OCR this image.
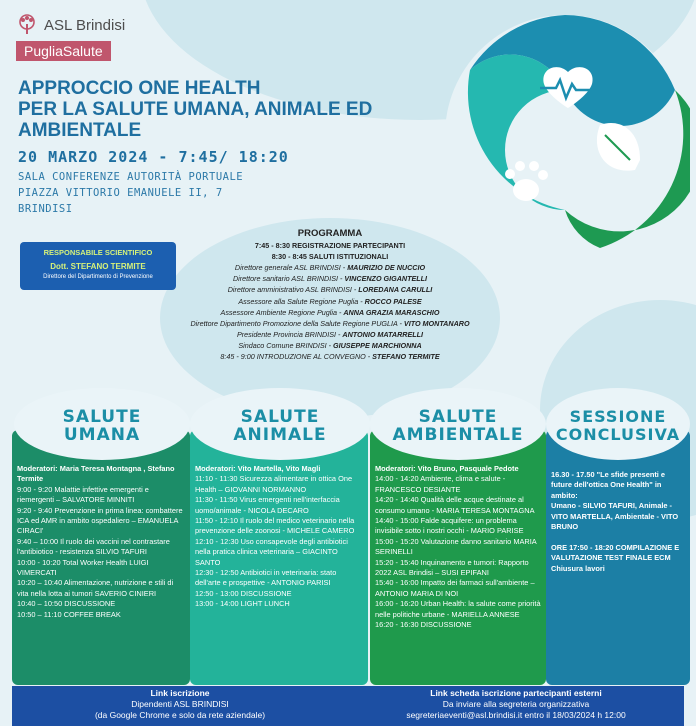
ASL Brindisi
PugliaSalute
APPROCCIO ONE HEALTH
PER LA SALUTE UMANA, ANIMALE ED
AMBIENTALE
20 MARZO 2024 - 7:45/ 18:20
SALA CONFERENZE AUTORITÀ PORTUALE
PIAZZA VITTORIO EMANUELE II, 7
BRINDISI
RESPONSABILE SCIENTIFICO
Dott. STEFANO TERMITE
Direttore del Dipartimento di Prevenzione
PROGRAMMA
7:45 - 8:30 REGISTRAZIONE PARTECIPANTI
8:30 - 8:45 SALUTI ISTITUZIONALI
Direttore generale ASL BRINDISI - MAURIZIO DE NUCCIO
Direttore sanitario ASL BRINDISI - VINCENZO GIGANTELLI
Direttore amministrativo ASL BRINDISI - LOREDANA CARULLI
Assessore alla Salute Regione Puglia - ROCCO PALESE
Assessore Ambiente Regione Puglia - ANNA GRAZIA MARASCHIO
Direttore Dipartimento Promozione della Salute Regione PUGLIA - VITO MONTANARO
Presidente Provincia BRINDISI - ANTONIO MATARRELLI
Sindaco Comune BRINDISI - GIUSEPPE MARCHIONNA
8:45 - 9:00 INTRODUZIONE AL CONVEGNO - STEFANO TERMITE
SALUTE
UMANA
SALUTE
ANIMALE
SALUTE
AMBIENTALE
SESSIONE
CONCLUSIVA
Moderatori: Maria Teresa Montagna , Stefano Termite
9:00 - 9:20 Malattie infettive emergenti e riemergenti – SALVATORE MINNITI
9:20 - 9:40 Prevenzione in prima linea: combattere ICA ed AMR in ambito ospedaliero – EMANUELA CIRACI'
9:40 – 10:00 Il ruolo dei vaccini nel contrastare l'antibiotico - resistenza SILVIO TAFURI
10:00 - 10:20 Total Worker Health LUIGI VIMERCATI
10:20 – 10:40 Alimentazione, nutrizione e stili di vita nella lotta ai tumori SAVERIO CINIERI
10:40 – 10:50 DISCUSSIONE
10:50 – 11:10 COFFEE BREAK
Moderatori: Vito Martella, Vito Magli
11:10 - 11:30 Sicurezza alimentare in ottica One Health – GIOVANNI NORMANNO
11:30 - 11:50 Virus emergenti nell'interfaccia uomo/animale - NICOLA DECARO
11:50 - 12:10 Il ruolo del medico veterinario nella prevenzione delle zoonosi - MICHELE CAMERO
12:10 - 12:30 Uso consapevole degli antibiotici nella pratica clinica veterinaria – GIACINTO SANTO
12:30 - 12:50 Antibiotici in veterinaria: stato dell'arte e prospettive - ANTONIO PARISI
12:50 - 13:00 DISCUSSIONE
13:00 - 14:00 LIGHT LUNCH
Moderatori: Vito Bruno, Pasquale Pedote
14:00 - 14:20 Ambiente, clima e salute - FRANCESCO DESIANTE
14:20 - 14:40 Qualità delle acque destinate al consumo umano - MARIA TERESA MONTAGNA
14:40 - 15:00 Falde acquifere: un problema invisibile sotto i nostri occhi - MARIO PARISE
15:00 - 15:20 Valutazione danno sanitario MARIA SERINELLI
15:20 - 15:40 Inquinamento e tumori: Rapporto 2022 ASL Brindisi – SUSI EPIFANI
15:40 - 16:00 Impatto dei farmaci sull'ambiente – ANTONIO MARIA DI NOI
16:00 - 16:20 Urban Health: la salute come priorità nelle politiche urbane - MARIELLA ANNESE
16:20 - 16:30 DISCUSSIONE
16.30 - 17.50 "Le sfide presenti e future dell'ottica One Health" in ambito:
Umano - SILVIO TAFURI, Animale - VITO MARTELLA, Ambientale - VITO BRUNO

ORE 17:50 - 18:20 COMPILAZIONE E VALUTAZIONE TEST FINALE ECM Chiusura lavori
Link iscrizione
Dipendenti ASL BRINDISI
(da Google Chrome e solo da rete aziendale)
Link scheda iscrizione partecipanti esterni
Da inviare alla segreteria organizzativa
segreteriaeventi@asl.brindisi.it entro il 18/03/2024 h 12:00
